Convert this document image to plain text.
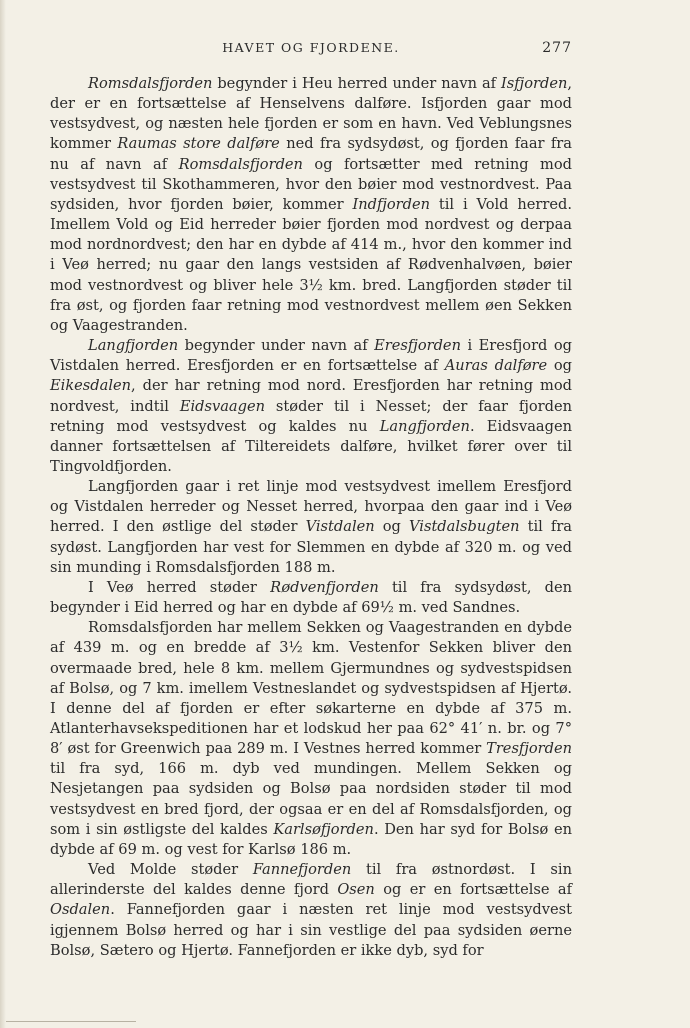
HAVET OG FJORDENE.	277

Romsdalsfjorden begynder i Heu herred under navn af Isfjorden, der er en fortsættelse af Henselvens dalføre. Isfjorden gaar mod vestsydvest, og næsten hele fjorden er som en havn. Ved Veblungsnes kommer Raumas store dalføre ned fra sydsydøst, og fjorden faar fra nu af navn af Romsdalsfjorden og fortsætter med retning mod vestsydvest til Skothammeren, hvor den bøier mod vestnordvest. Paa sydsiden, hvor fjorden bøier, kommer Indfjorden til i Vold herred. Imellem Vold og Eid herreder bøier fjorden mod nordvest og derpaa mod nordnordvest; den har en dybde af 414 m., hvor den kommer ind i Veø herred; nu gaar den langs vestsiden af Rødvenhalvøen, bøier mod vestnordvest og bliver hele 3½ km. bred. Langfjorden støder til fra øst, og fjorden faar retning mod vestnordvest mellem øen Sekken og Vaagestranden.

Langfjorden begynder under navn af Eresfjorden i Eresfjord og Vistdalen herred. Eresfjorden er en fortsættelse af Auras dalføre og Eikesdalen, der har retning mod nord. Eresfjorden har retning mod nordvest, indtil Eidsvaagen støder til i Nesset; der faar fjorden retning mod vestsydvest og kaldes nu Langfjorden. Eidsvaagen danner fortsættelsen af Tiltereidets dalføre, hvilket fører over til Tingvoldfjorden.

Langfjorden gaar i ret linje mod vestsydvest imellem Eresfjord og Vistdalen herreder og Nesset herred, hvorpaa den gaar ind i Veø herred. I den østlige del støder Vistdalen og Vistdalsbugten til fra sydøst. Langfjorden har vest for Slemmen en dybde af 320 m. og ved sin munding i Romsdalsfjorden 188 m.

I Veø herred støder Rødvenfjorden til fra sydsydøst, den begynder i Eid herred og har en dybde af 69½ m. ved Sandnes.

Romsdalsfjorden har mellem Sekken og Vaagestranden en dybde af 439 m. og en bredde af 3½ km. Vestenfor Sekken bliver den overmaade bred, hele 8 km. mellem Gjermundnes og sydvestspidsen af Bolsø, og 7 km. imellem Vestneslandet og sydvestspidsen af Hjertø. I denne del af fjorden er efter søkarterne en dybde af 375 m. Atlanterhavsekspeditionen har et lodskud her paa 62° 41′ n. br. og 7° 8′ øst for Greenwich paa 289 m. I Vestnes herred kommer Tresfjorden til fra syd, 166 m. dyb ved mundingen. Mellem Sekken og Nesjetangen paa sydsiden og Bolsø paa nordsiden støder til mod vestsydvest en bred fjord, der ogsaa er en del af Romsdalsfjorden, og som i sin østligste del kaldes Karlsøfjorden. Den har syd for Bolsø en dybde af 69 m. og vest for Karlsø 186 m.

Ved Molde støder Fannefjorden til fra østnordøst. I sin allerinderste del kaldes denne fjord Osen og er en fortsættelse af Osdalen. Fannefjorden gaar i næsten ret linje mod vestsydvest igjennem Bolsø herred og har i sin vestlige del paa sydsiden øerne Bolsø, Sætero og Hjertø. Fannefjorden er ikke dyb, syd for
